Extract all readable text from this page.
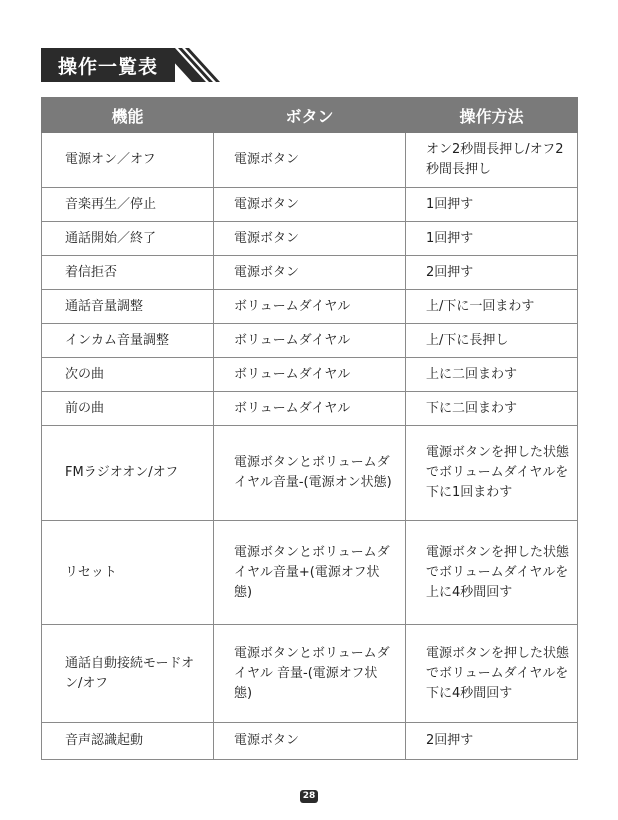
操作一覧表
機能	ボタン	操作方法
電源オン／オフ	電源ボタン	オン2秒間長押し/オフ2秒間長押し
音楽再生／停止	電源ボタン	1回押す
通話開始／終了	電源ボタン	1回押す
着信拒否	電源ボタン	2回押す
通話音量調整	ボリュームダイヤル	上/下に一回まわす
インカム音量調整	ボリュームダイヤル	上/下に長押し
次の曲	ボリュームダイヤル	上に二回まわす
前の曲	ボリュームダイヤル	下に二回まわす
FMラジオオン/オフ	電源ボタンとボリュームダイヤル音量-(電源オン状態)	電源ボタンを押した状態でボリュームダイヤルを下に1回まわす
リセット	電源ボタンとボリュームダイヤル音量+(電源オフ状態)	電源ボタンを押した状態でボリュームダイヤルを上に4秒間回す
通話自動接続モードオン/オフ	電源ボタンとボリュームダイヤル 音量-(電源オフ状態)	電源ボタンを押した状態でボリュームダイヤルを下に4秒間回す
音声認識起動	電源ボタン	2回押す
28
